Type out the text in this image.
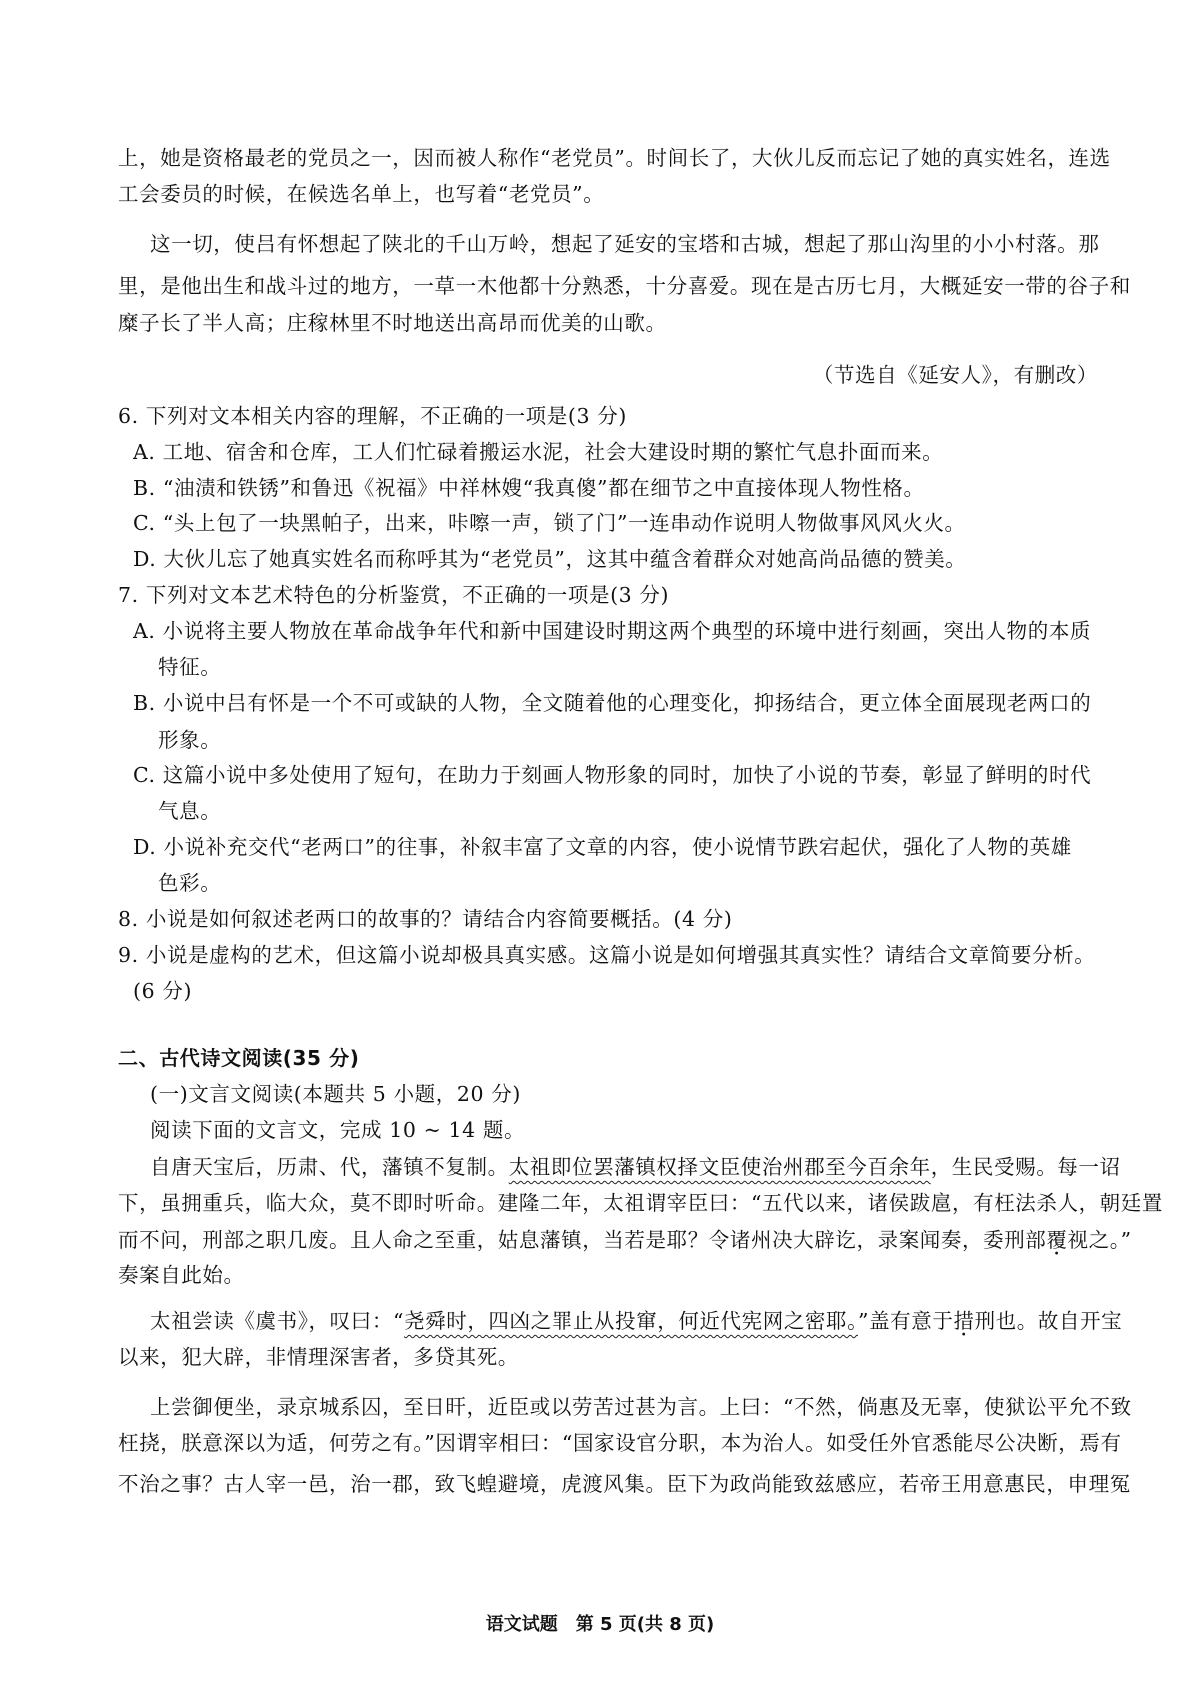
上，她是资格最老的党员之一，因而被人称作“老党员”。时间长了，大伙儿反而忘记了她的真实姓名，连选
工会委员的时候，在候选名单上，也写着“老党员”。
这一切，使吕有怀想起了陕北的千山万岭，想起了延安的宝塔和古城，想起了那山沟里的小小村落。那
里，是他出生和战斗过的地方，一草一木他都十分熟悉，十分喜爱。现在是古历七月，大概延安一带的谷子和
糜子长了半人高；庄稼林里不时地送出高昂而优美的山歌。
（节选自《延安人》，有删改）
6. 下列对文本相关内容的理解，不正确的一项是(3 分)
A. 工地、宿舍和仓库，工人们忙碌着搬运水泥，社会大建设时期的繁忙气息扑面而来。
B. “油渍和铁锈”和鲁迅《祝福》中祥林嫂“我真傻”都在细节之中直接体现人物性格。
C. “头上包了一块黑帕子，出来，咔嚓一声，锁了门”一连串动作说明人物做事风风火火。
D. 大伙儿忘了她真实姓名而称呼其为“老党员”，这其中蕴含着群众对她高尚品德的赞美。
7. 下列对文本艺术特色的分析鉴赏，不正确的一项是(3 分)
A. 小说将主要人物放在革命战争年代和新中国建设时期这两个典型的环境中进行刻画，突出人物的本质
特征。
B. 小说中吕有怀是一个不可或缺的人物，全文随着他的心理变化，抑扬结合，更立体全面展现老两口的
形象。
C. 这篇小说中多处使用了短句，在助力于刻画人物形象的同时，加快了小说的节奏，彰显了鲜明的时代
气息。
D. 小说补充交代“老两口”的往事，补叙丰富了文章的内容，使小说情节跌宕起伏，强化了人物的英雄
色彩。
8. 小说是如何叙述老两口的故事的？请结合内容简要概括。(4 分)
9. 小说是虚构的艺术，但这篇小说却极具真实感。这篇小说是如何增强其真实性？请结合文章简要分析。
(6 分)
二、古代诗文阅读(35 分)
(一)文言文阅读(本题共 5 小题，20 分)
阅读下面的文言文，完成 10 ~ 14 题。
自唐天宝后，历肃、代，藩镇不复制。太祖即位罢藩镇权择文臣使治州郡至今百余年，生民受赐。每一诏
下，虽拥重兵，临大众，莫不即时听命。建隆二年，太祖谓宰臣曰：“五代以来，诸侯跋扈，有枉法杀人，朝廷置
而不问，刑部之职几废。且人命之至重，姑息藩镇，当若是耶？令诸州决大辟讫，录案闻奏，委刑部覆视之。”
奏案自此始。
太祖尝读《虞书》，叹曰：“尧舜时，四凶之罪止从投窜，何近代宪网之密耶。”盖有意于措刑也。故自开宝
以来，犯大辟，非情理深害者，多贷其死。
上尝御便坐，录京城系囚，至日旰，近臣或以劳苦过甚为言。上曰：“不然，倘惠及无辜，使狱讼平允不致
枉挠，朕意深以为适，何劳之有。”因谓宰相曰：“国家设官分职，本为治人。如受任外官悉能尽公决断，焉有
不治之事？古人宰一邑，治一郡，致飞蝗避境，虎渡风集。臣下为政尚能致兹感应，若帝王用意惠民，申理冤
语文试题　第 5 页(共 8 页)
